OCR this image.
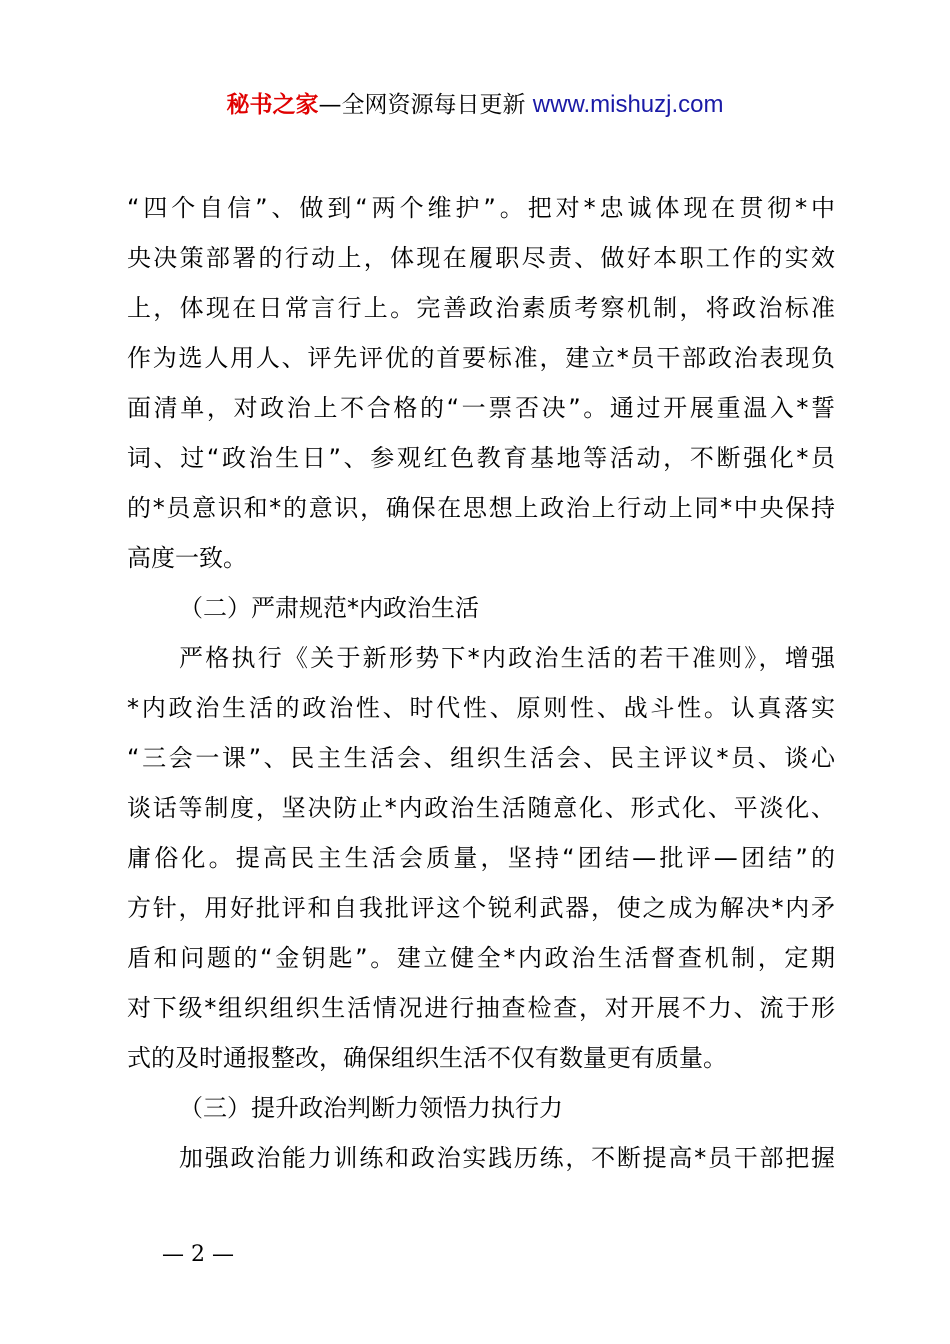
秘书之家—全网资源每日更新 www.mishuzj.com
“四个自信”、做到“两个维护”。把对*忠诚体现在贯彻*中
央决策部署的行动上，体现在履职尽责、做好本职工作的实效
上，体现在日常言行上。完善政治素质考察机制，将政治标准
作为选人用人、评先评优的首要标准，建立*员干部政治表现负
面清单，对政治上不合格的“一票否决”。通过开展重温入*誓
词、过“政治生日”、参观红色教育基地等活动，不断强化*员
的*员意识和*的意识，确保在思想上政治上行动上同*中央保持
高度一致。
（二）严肃规范*内政治生活
严格执行《关于新形势下*内政治生活的若干准则》，增强
*内政治生活的政治性、时代性、原则性、战斗性。认真落实
“三会一课”、民主生活会、组织生活会、民主评议*员、谈心
谈话等制度，坚决防止*内政治生活随意化、形式化、平淡化、
庸俗化。提高民主生活会质量，坚持“团结—批评—团结”的
方针，用好批评和自我批评这个锐利武器，使之成为解决*内矛
盾和问题的“金钥匙”。建立健全*内政治生活督查机制，定期
对下级*组织组织生活情况进行抽查检查，对开展不力、流于形
式的及时通报整改，确保组织生活不仅有数量更有质量。
（三）提升政治判断力领悟力执行力
加强政治能力训练和政治实践历练，不断提高*员干部把握
— 2 —
